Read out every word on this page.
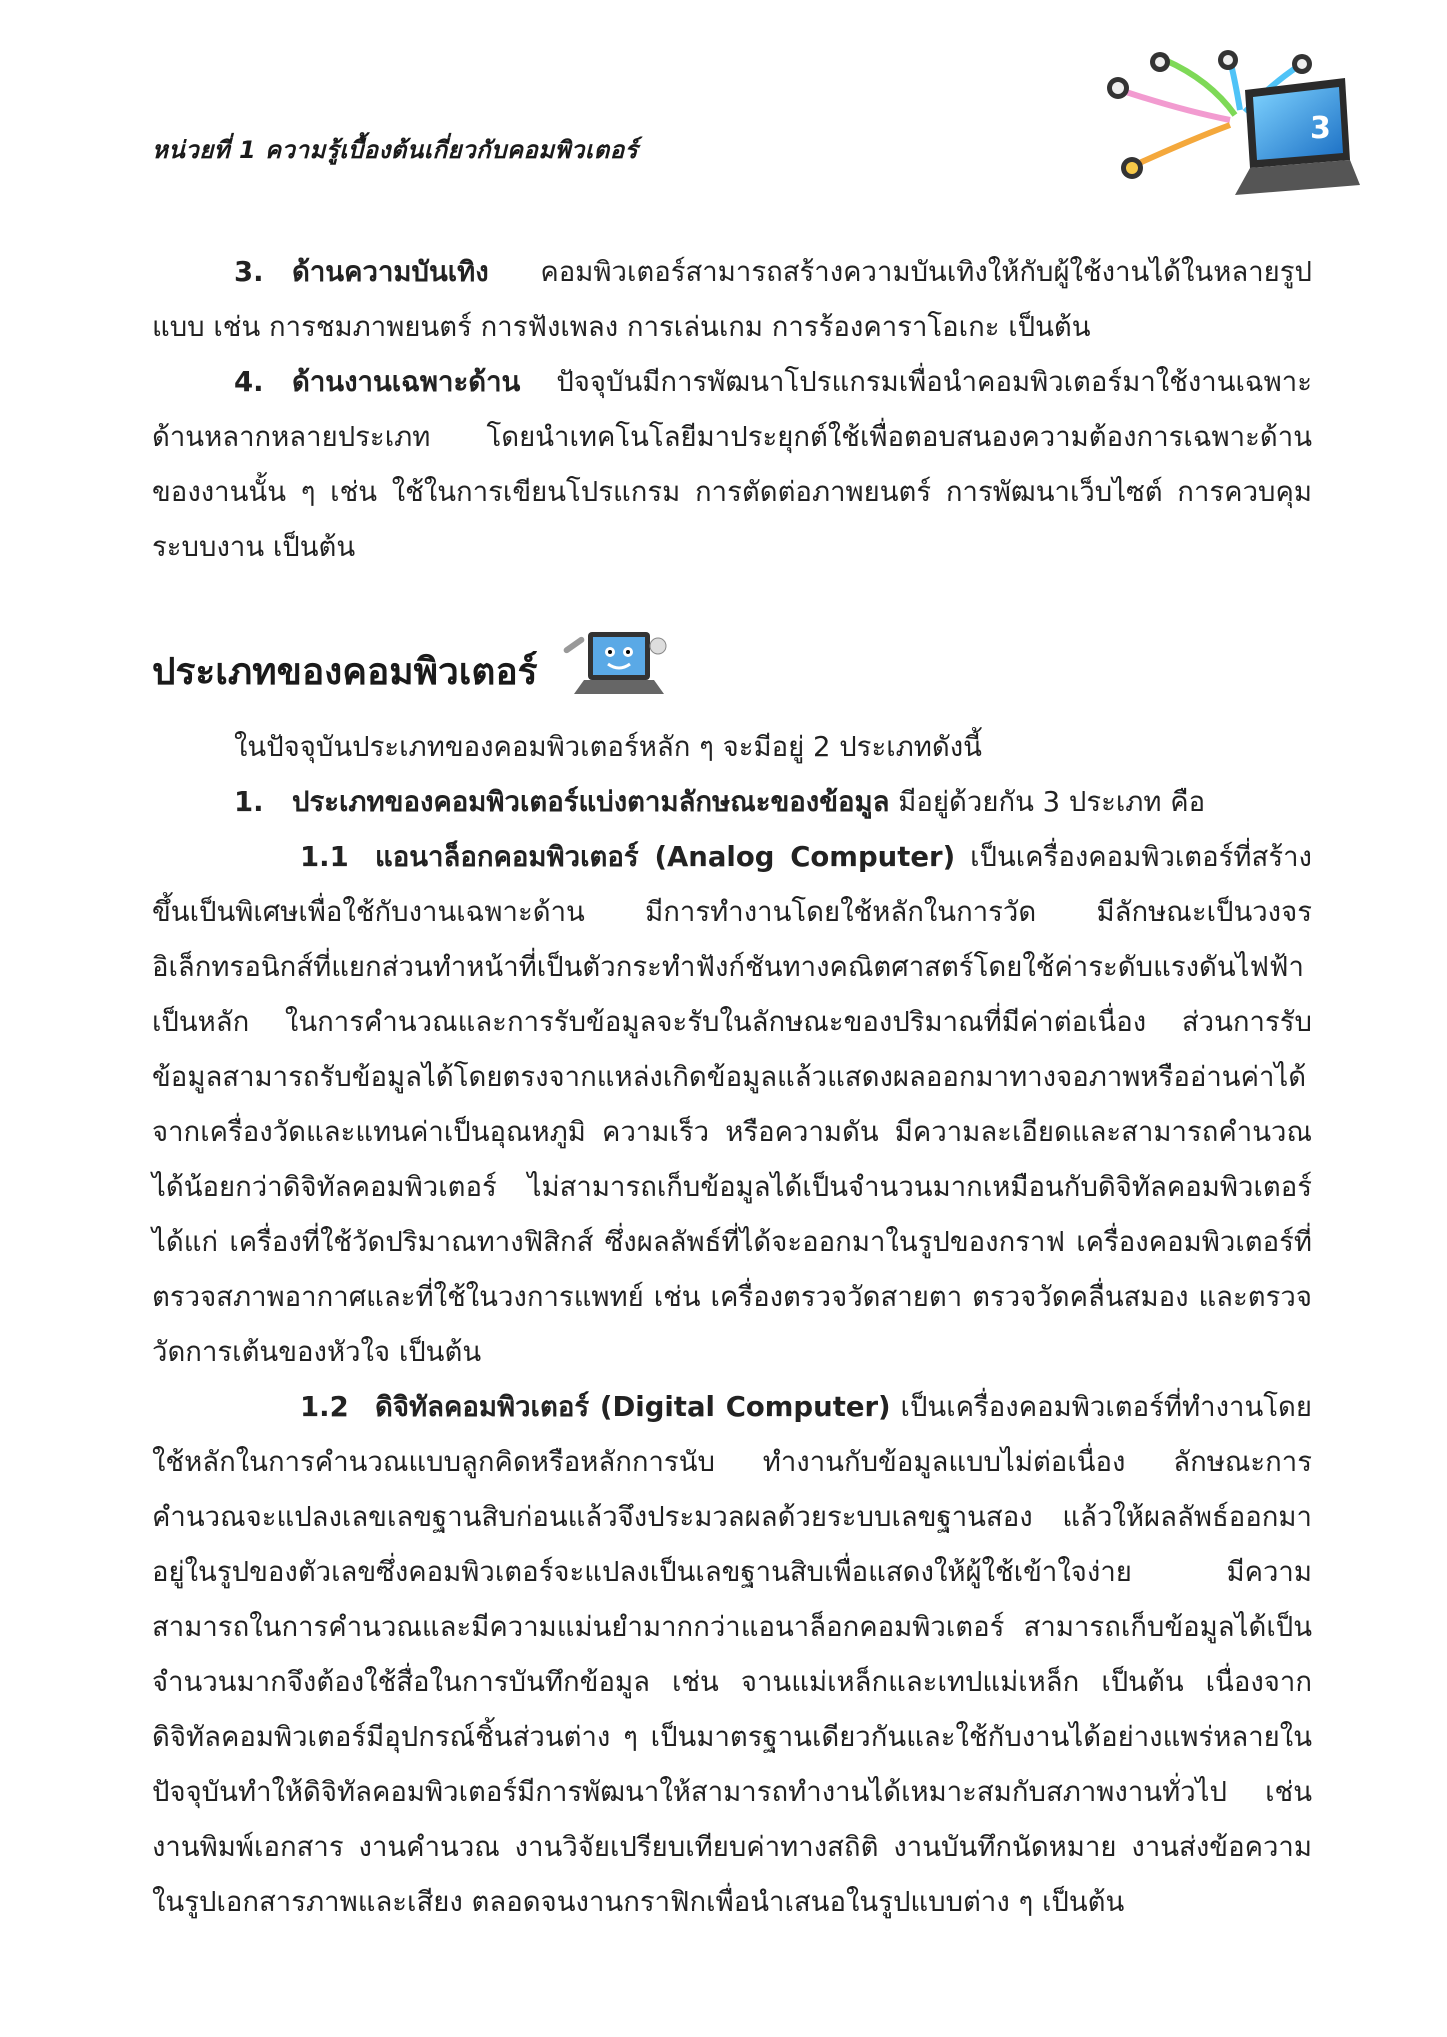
หน่วยที่ 1 ความรู้เบื้องต้นเกี่ยวกับคอมพิวเตอร์
3

3. ด้านความบันเทิง คอมพิวเตอร์สามารถสร้างความบันเทิงให้กับผู้ใช้งานได้ในหลายรูปแบบ เช่น การชมภาพยนตร์ การฟังเพลง การเล่นเกม การร้องคาราโอเกะ เป็นต้น

4. ด้านงานเฉพาะด้าน ปัจจุบันมีการพัฒนาโปรแกรมเพื่อนำคอมพิวเตอร์มาใช้งานเฉพาะด้านหลากหลายประเภท โดยนำเทคโนโลยีมาประยุกต์ใช้เพื่อตอบสนองความต้องการเฉพาะด้านของงานนั้น ๆ เช่น ใช้ในการเขียนโปรแกรม การตัดต่อภาพยนตร์ การพัฒนาเว็บไซต์ การควบคุมระบบงาน เป็นต้น

ประเภทของคอมพิวเตอร์

ในปัจจุบันประเภทของคอมพิวเตอร์หลัก ๆ จะมีอยู่ 2 ประเภทดังนี้

1. ประเภทของคอมพิวเตอร์แบ่งตามลักษณะของข้อมูล มีอยู่ด้วยกัน 3 ประเภท คือ

1.1 แอนาล็อกคอมพิวเตอร์ (Analog Computer) เป็นเครื่องคอมพิวเตอร์ที่สร้างขึ้นเป็นพิเศษเพื่อใช้กับงานเฉพาะด้าน มีการทำงานโดยใช้หลักในการวัด มีลักษณะเป็นวงจรอิเล็กทรอนิกส์ที่แยกส่วนทำหน้าที่เป็นตัวกระทำฟังก์ชันทางคณิตศาสตร์โดยใช้ค่าระดับแรงดันไฟฟ้าเป็นหลัก ในการคำนวณและการรับข้อมูลจะรับในลักษณะของปริมาณที่มีค่าต่อเนื่อง ส่วนการรับข้อมูลสามารถรับข้อมูลได้โดยตรงจากแหล่งเกิดข้อมูลแล้วแสดงผลออกมาทางจอภาพหรืออ่านค่าได้จากเครื่องวัดและแทนค่าเป็นอุณหภูมิ ความเร็ว หรือความดัน มีความละเอียดและสามารถคำนวณได้น้อยกว่าดิจิทัลคอมพิวเตอร์ ไม่สามารถเก็บข้อมูลได้เป็นจำนวนมากเหมือนกับดิจิทัลคอมพิวเตอร์ ได้แก่ เครื่องที่ใช้วัดปริมาณทางฟิสิกส์ ซึ่งผลลัพธ์ที่ได้จะออกมาในรูปของกราฟ เครื่องคอมพิวเตอร์ที่ตรวจสภาพอากาศและที่ใช้ในวงการแพทย์ เช่น เครื่องตรวจวัดสายตา ตรวจวัดคลื่นสมอง และตรวจวัดการเต้นของหัวใจ เป็นต้น

1.2 ดิจิทัลคอมพิวเตอร์ (Digital Computer) เป็นเครื่องคอมพิวเตอร์ที่ทำงานโดยใช้หลักในการคำนวณแบบลูกคิดหรือหลักการนับ ทำงานกับข้อมูลแบบไม่ต่อเนื่อง ลักษณะการคำนวณจะแปลงเลขเลขฐานสิบก่อนแล้วจึงประมวลผลด้วยระบบเลขฐานสอง แล้วให้ผลลัพธ์ออกมาอยู่ในรูปของตัวเลขซึ่งคอมพิวเตอร์จะแปลงเป็นเลขฐานสิบเพื่อแสดงให้ผู้ใช้เข้าใจง่าย มีความสามารถในการคำนวณและมีความแม่นยำมากกว่าแอนาล็อกคอมพิวเตอร์ สามารถเก็บข้อมูลได้เป็นจำนวนมากจึงต้องใช้สื่อในการบันทึกข้อมูล เช่น จานแม่เหล็กและเทปแม่เหล็ก เป็นต้น เนื่องจากดิจิทัลคอมพิวเตอร์มีอุปกรณ์ชิ้นส่วนต่าง ๆ เป็นมาตรฐานเดียวกันและใช้กับงานได้อย่างแพร่หลายในปัจจุบันทำให้ดิจิทัลคอมพิวเตอร์มีการพัฒนาให้สามารถทำงานได้เหมาะสมกับสภาพงานทั่วไป เช่น งานพิมพ์เอกสาร งานคำนวณ งานวิจัยเปรียบเทียบค่าทางสถิติ งานบันทึกนัดหมาย งานส่งข้อความในรูปเอกสารภาพและเสียง ตลอดจนงานกราฟิกเพื่อนำเสนอในรูปแบบต่าง ๆ เป็นต้น
